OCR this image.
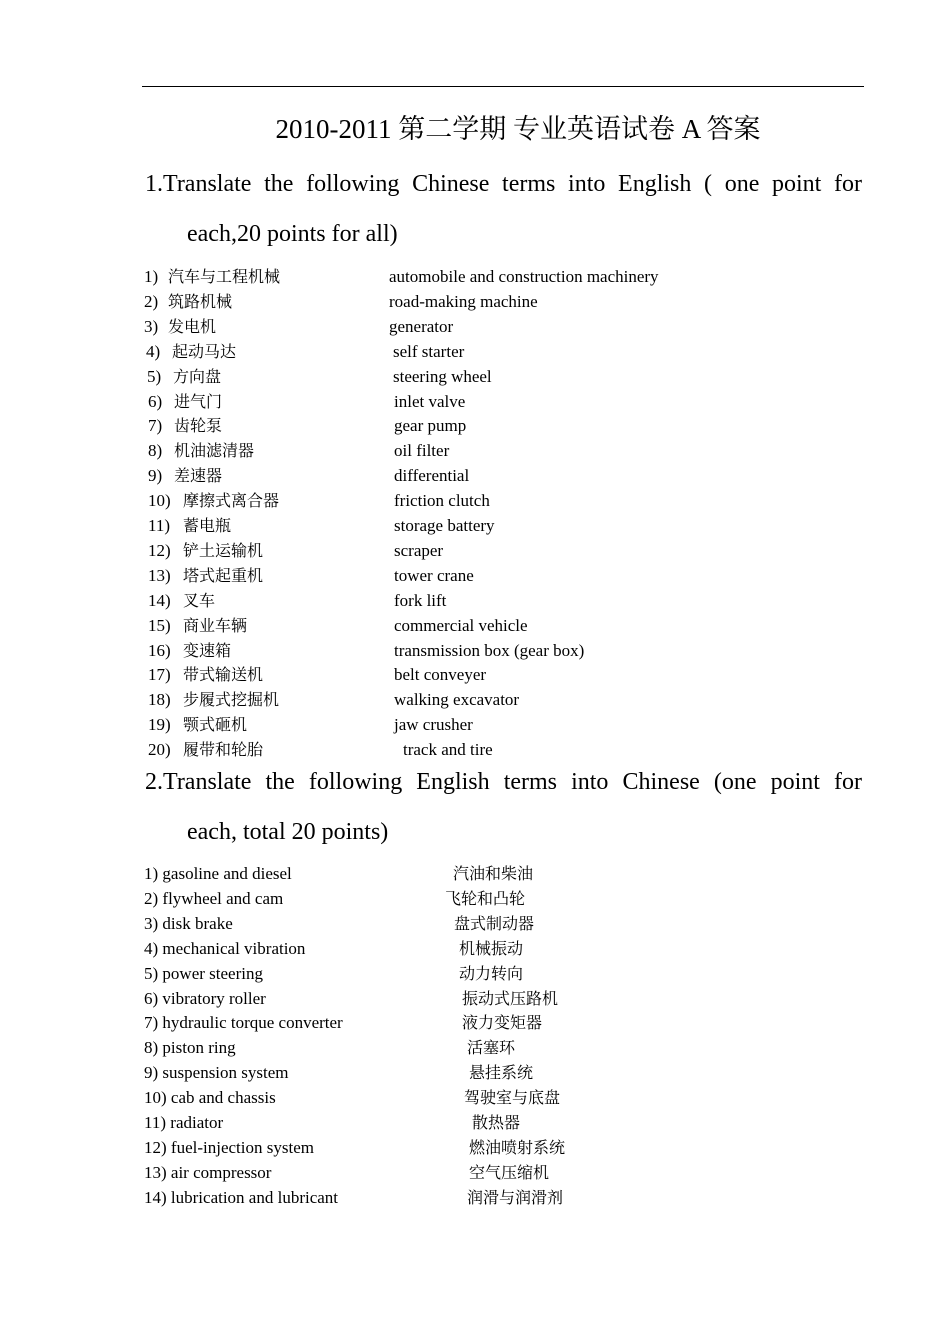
2010-2011 第二学期 专业英语试卷 A 答案
1.Translate the following Chinese terms into English ( one point for
each,20 points for all)
1) 汽车与工程机械	automobile and construction machinery
2) 筑路机械	road-making machine
3) 发电机	generator
4) 起动马达	self starter
5) 方向盘	steering wheel
6) 进气门	inlet valve
7) 齿轮泵	gear pump
8) 机油滤清器	oil filter
9) 差速器	differential
10) 摩擦式离合器	friction clutch
11) 蓄电瓶	storage battery
12) 铲土运输机	scraper
13) 塔式起重机	tower crane
14) 叉车	fork lift
15) 商业车辆	commercial vehicle
16) 变速箱	transmission box (gear box)
17) 带式输送机	belt conveyer
18) 步履式挖掘机	walking excavator
19) 颚式砸机	jaw crusher
20) 履带和轮胎	track and tire
2.Translate the following English terms into Chinese (one point for
each, total 20 points)
1) gasoline and diesel	汽油和柴油
2) flywheel and cam	飞轮和凸轮
3) disk brake	盘式制动器
4) mechanical vibration	机械振动
5) power steering	动力转向
6) vibratory roller	振动式压路机
7) hydraulic torque converter	液力变矩器
8) piston ring	活塞环
9) suspension system	悬挂系统
10) cab and chassis	驾驶室与底盘
11) radiator	散热器
12) fuel-injection system	燃油喷射系统
13) air compressor	空气压缩机
14) lubrication and lubricant	润滑与润滑剂
